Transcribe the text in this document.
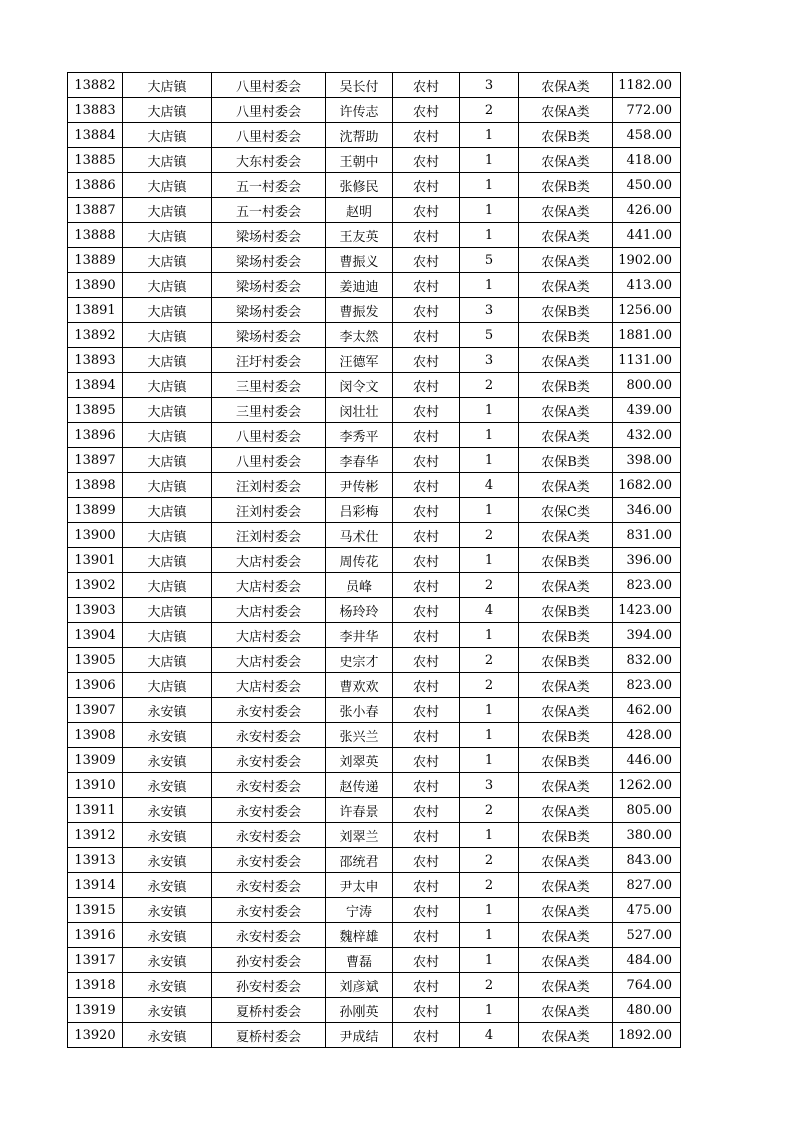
13882	大店镇	八里村委会	吴长付	农村	3	农保A类	1182.00
13883	大店镇	八里村委会	许传志	农村	2	农保A类	772.00
13884	大店镇	八里村委会	沈帮助	农村	1	农保B类	458.00
13885	大店镇	大东村委会	王朝中	农村	1	农保A类	418.00
13886	大店镇	五一村委会	张修民	农村	1	农保B类	450.00
13887	大店镇	五一村委会	赵明	农村	1	农保A类	426.00
13888	大店镇	梁场村委会	王友英	农村	1	农保A类	441.00
13889	大店镇	梁场村委会	曹振义	农村	5	农保A类	1902.00
13890	大店镇	梁场村委会	姜迪迪	农村	1	农保A类	413.00
13891	大店镇	梁场村委会	曹振发	农村	3	农保B类	1256.00
13892	大店镇	梁场村委会	李太然	农村	5	农保B类	1881.00
13893	大店镇	汪圩村委会	汪德军	农村	3	农保A类	1131.00
13894	大店镇	三里村委会	闵令文	农村	2	农保B类	800.00
13895	大店镇	三里村委会	闵壮壮	农村	1	农保A类	439.00
13896	大店镇	八里村委会	李秀平	农村	1	农保A类	432.00
13897	大店镇	八里村委会	李春华	农村	1	农保B类	398.00
13898	大店镇	汪刘村委会	尹传彬	农村	4	农保A类	1682.00
13899	大店镇	汪刘村委会	吕彩梅	农村	1	农保C类	346.00
13900	大店镇	汪刘村委会	马术仕	农村	2	农保A类	831.00
13901	大店镇	大店村委会	周传花	农村	1	农保B类	396.00
13902	大店镇	大店村委会	员峰	农村	2	农保A类	823.00
13903	大店镇	大店村委会	杨玲玲	农村	4	农保B类	1423.00
13904	大店镇	大店村委会	李井华	农村	1	农保B类	394.00
13905	大店镇	大店村委会	史宗才	农村	2	农保B类	832.00
13906	大店镇	大店村委会	曹欢欢	农村	2	农保A类	823.00
13907	永安镇	永安村委会	张小春	农村	1	农保A类	462.00
13908	永安镇	永安村委会	张兴兰	农村	1	农保B类	428.00
13909	永安镇	永安村委会	刘翠英	农村	1	农保B类	446.00
13910	永安镇	永安村委会	赵传递	农村	3	农保A类	1262.00
13911	永安镇	永安村委会	许春景	农村	2	农保A类	805.00
13912	永安镇	永安村委会	刘翠兰	农村	1	农保B类	380.00
13913	永安镇	永安村委会	邵统君	农村	2	农保A类	843.00
13914	永安镇	永安村委会	尹太申	农村	2	农保A类	827.00
13915	永安镇	永安村委会	宁涛	农村	1	农保A类	475.00
13916	永安镇	永安村委会	魏梓雄	农村	1	农保A类	527.00
13917	永安镇	孙安村委会	曹磊	农村	1	农保A类	484.00
13918	永安镇	孙安村委会	刘彦斌	农村	2	农保A类	764.00
13919	永安镇	夏桥村委会	孙刚英	农村	1	农保A类	480.00
13920	永安镇	夏桥村委会	尹成结	农村	4	农保A类	1892.00
